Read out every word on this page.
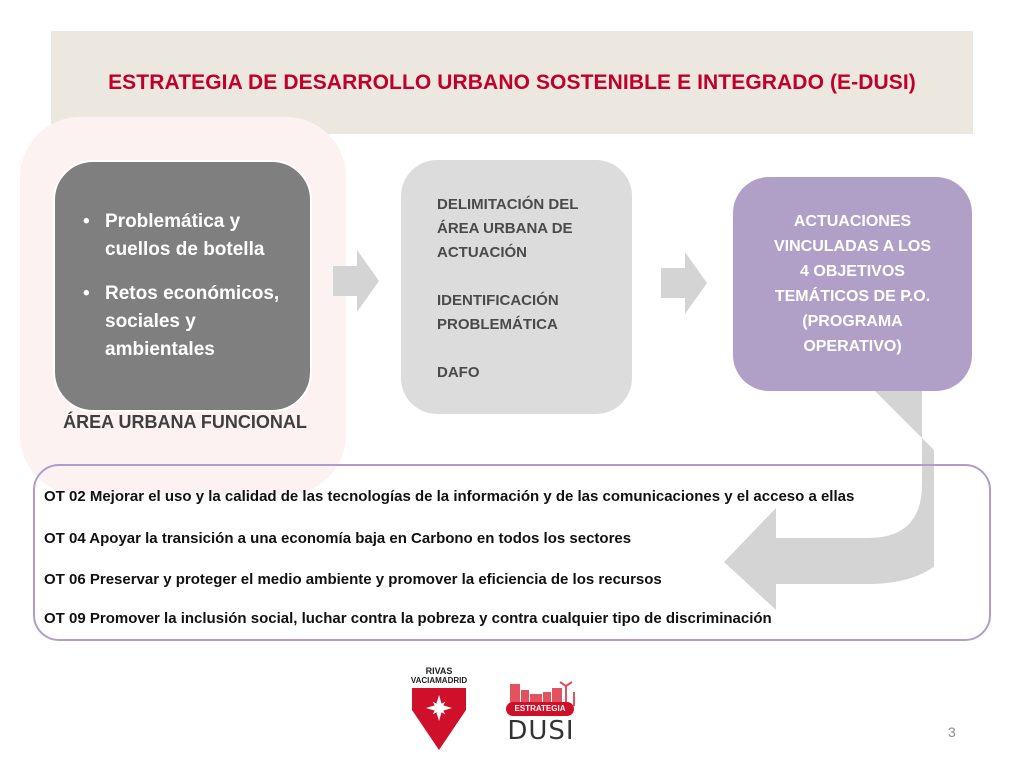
ESTRATEGIA DE DESARROLLO URBANO SOSTENIBLE E INTEGRADO (E-DUSI)
• Problemática y cuellos de botella
• Retos económicos, sociales y ambientales
ÁREA URBANA FUNCIONAL
DELIMITACIÓN DEL
ÁREA URBANA DE
ACTUACIÓN
IDENTIFICACIÓN
PROBLEMÁTICA
DAFO
ACTUACIONES
VINCULADAS A LOS
4 OBJETIVOS
TEMÁTICOS DE P.O.
(PROGRAMA
OPERATIVO)
OT 02 Mejorar el uso y la calidad de las tecnologías de la información y de las comunicaciones y el acceso a ellas
OT 04 Apoyar la transición a una economía baja en Carbono en todos los sectores
OT 06 Preservar y proteger el medio ambiente y promover la eficiencia de los recursos
OT 09 Promover la inclusión social, luchar contra la pobreza y contra cualquier tipo de discriminación
RIVAS
VACIAMADRID
ESTRATEGIA
DUSI	3
